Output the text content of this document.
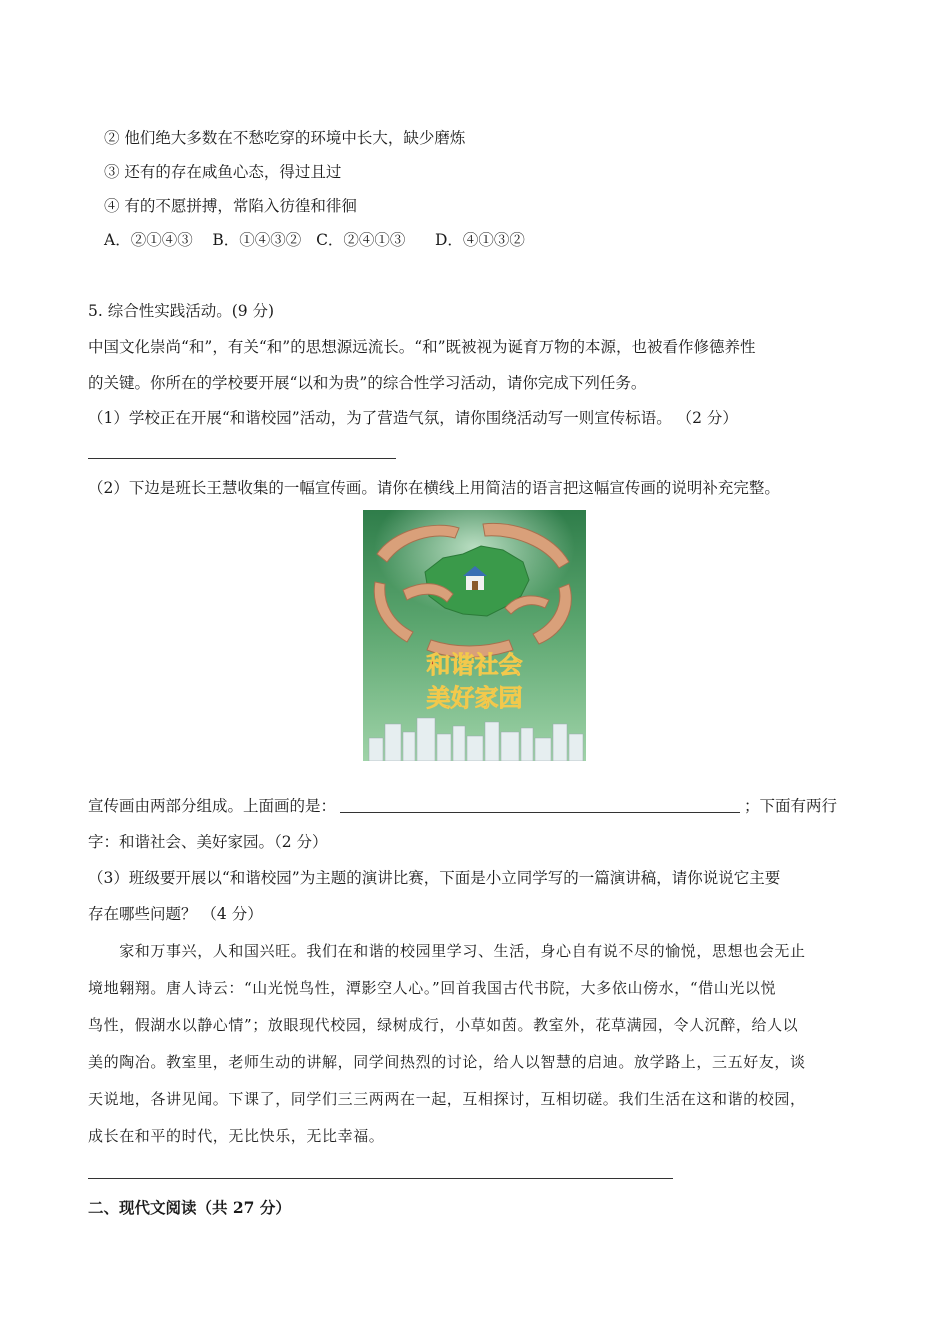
② 他们绝大多数在不愁吃穿的环境中长大，缺少磨炼
③ 还有的存在咸鱼心态，得过且过
④ 有的不愿拼搏，常陷入彷徨和徘徊
A．②①④③    B．①④③②   C．②④①③      D．④①③②
5. 综合性实践活动。(9 分)
中国文化崇尚“和”，有关“和”的思想源远流长。“和”既被视为诞育万物的本源，也被看作修德养性
的关键。你所在的学校要开展“以和为贵”的综合性学习活动，请你完成下列任务。
（1）学校正在开展“和谐校园”活动，为了营造气氛，请你围绕活动写一则宣传标语。 （2 分）
（2）下边是班长王慧收集的一幅宣传画。请你在横线上用简洁的语言把这幅宣传画的说明补充完整。
和谐社会
美好家园
宣传画由两部分组成。上面画的是：	；下面有两行
字：和谐社会、美好家园。（2 分）
（3）班级要开展以“和谐校园”为主题的演讲比赛，下面是小立同学写的一篇演讲稿，请你说说它主要
存在哪些问题？ （4 分）
　　家和万事兴，人和国兴旺。我们在和谐的校园里学习、生活，身心自有说不尽的愉悦，思想也会无止
境地翱翔。唐人诗云：“山光悦鸟性，潭影空人心。”回首我国古代书院，大多依山傍水，“借山光以悦
鸟性，假湖水以静心情”；放眼现代校园，绿树成行，小草如茵。教室外，花草满园，令人沉醉，给人以
美的陶冶。教室里，老师生动的讲解，同学间热烈的讨论，给人以智慧的启迪。放学路上，三五好友，谈
天说地，各讲见闻。下课了，同学们三三两两在一起，互相探讨，互相切磋。我们生活在这和谐的校园，
成长在和平的时代，无比快乐，无比幸福。
二、现代文阅读（共 27 分）
